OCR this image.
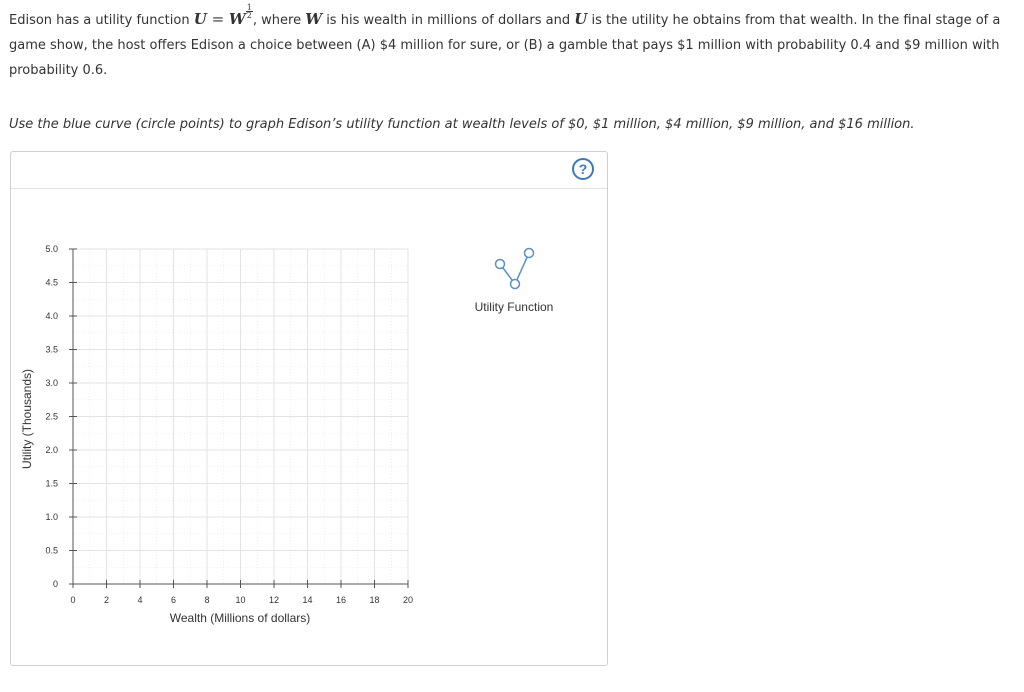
Edison has a utility function U = W $\frac{1}{2}$
, where W is his wealth in millions of dollars and U is the utility he obtains from that wealth. In the final stage of a game show, the host offers Edison a choice between (A) $4 million for sure, or (B) a gamble that pays $1 million with probability 0.4 and $9 million with probability 0.6.
Use the blue curve (circle points) to graph Edison’s utility function at wealth levels of $0, $1 million, $4 million, $9 million, and $16 million.
?
0	2	4	6	8	10	12	14	16	18	20
0
0.5
1.0
1.5
2.0
2.5
3.0
3.5
4.0
4.5
5.0
Wealth (Millions of dollars)
Utility (Thousands)
Utility Function
